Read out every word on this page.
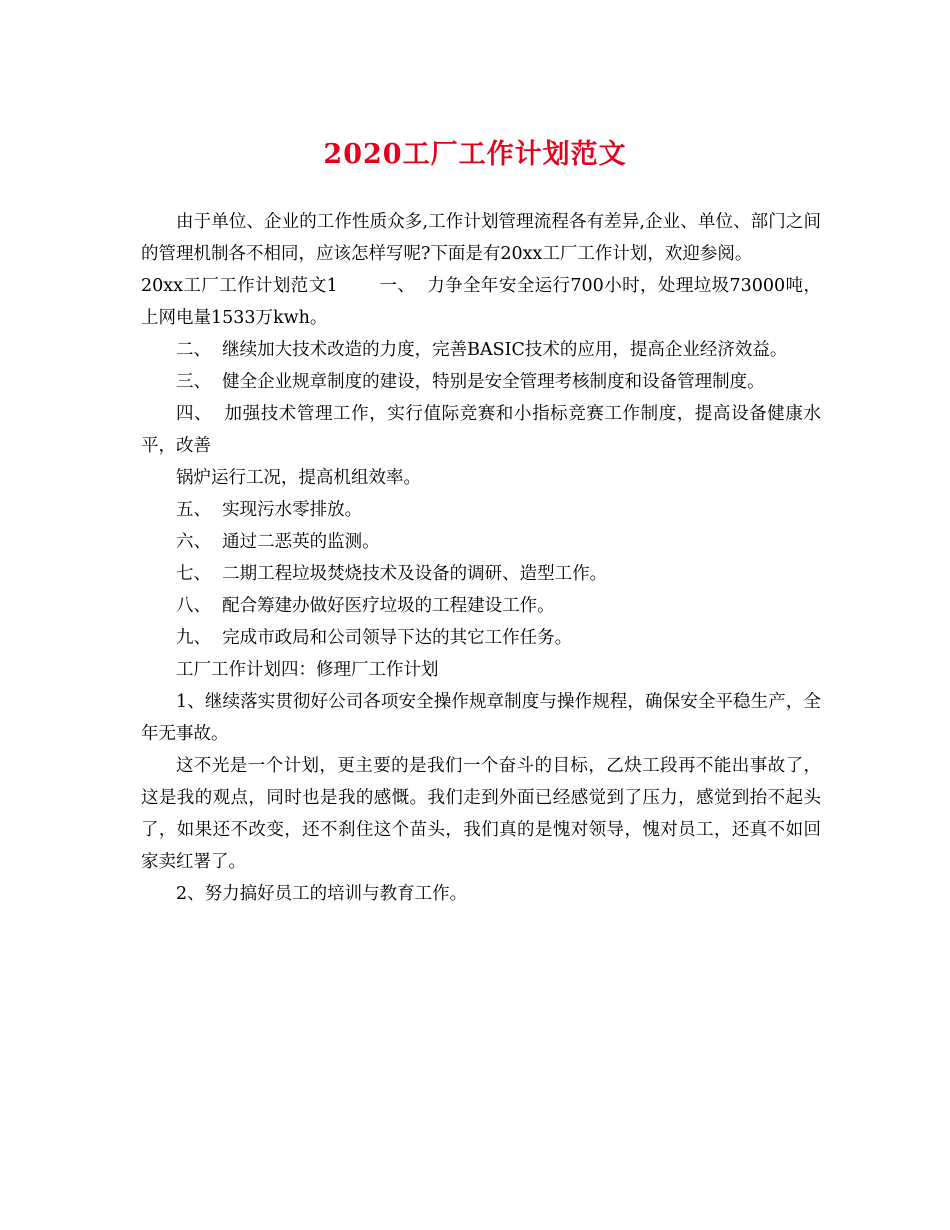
2020工厂工作计划范文

由于单位、企业的工作性质众多,工作计划管理流程各有差异,企业、单位、部门之间的管理机制各不相同，应该怎样写呢?下面是有20xx工厂工作计划，欢迎参阅。

20xx工厂工作计划范文1       一、  力争全年安全运行700小时，处理垃圾73000吨，上网电量1533万kwh。

二、  继续加大技术改造的力度，完善BASIC技术的应用，提高企业经济效益。

三、  健全企业规章制度的建设，特别是安全管理考核制度和设备管理制度。

四、  加强技术管理工作，实行值际竞赛和小指标竞赛工作制度，提高设备健康水平，改善

锅炉运行工况，提高机组效率。

五、  实现污水零排放。

六、  通过二恶英的监测。

七、  二期工程垃圾焚烧技术及设备的调研、造型工作。

八、  配合筹建办做好医疗垃圾的工程建设工作。

九、  完成市政局和公司领导下达的其它工作任务。

工厂工作计划四：修理厂工作计划

1、继续落实贯彻好公司各项安全操作规章制度与操作规程，确保安全平稳生产，全年无事故。

这不光是一个计划，更主要的是我们一个奋斗的目标，乙炔工段再不能出事故了，这是我的观点，同时也是我的感慨。我们走到外面已经感觉到了压力，感觉到抬不起头了，如果还不改变，还不刹住这个苗头，我们真的是愧对领导，愧对员工，还真不如回家卖红署了。

2、努力搞好员工的培训与教育工作。
